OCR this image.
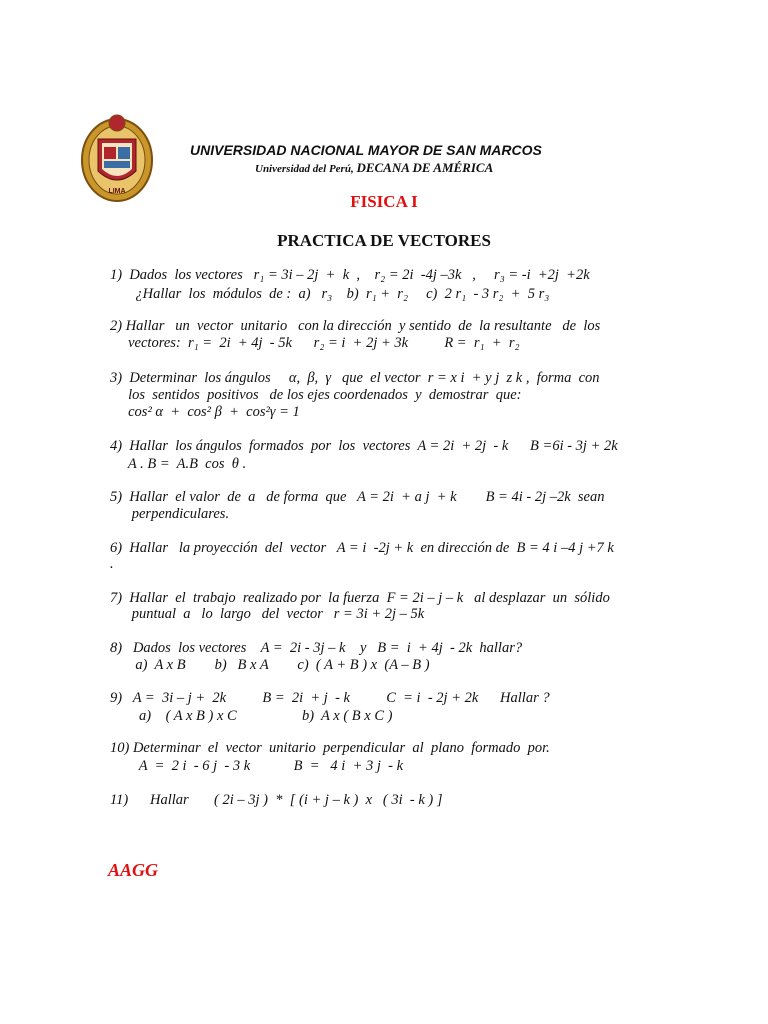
LIMA
UNIVERSIDAD NACIONAL MAYOR DE SAN MARCOS
Universidad del Perú, DECANA DE AMÉRICA
FISICA I
PRACTICA DE VECTORES
1)  Dados  los vectores   r₁ = 3i – 2j  +  k  ,    r₂ = 2i  -4j –3k   ,     r₃ = -i  +2j  +2k
¿Hallar  los  módulos  de :  a)   r₃    b)  r₁ +  r₂     c)  2 r₁  - 3 r₂  +  5 r₃
2) Hallar   un  vector  unitario   con la dirección  y sentido  de  la resultante   de  los
vectores:  r₁ =  2i  + 4j  - 5k      r₂ = i  + 2j + 3k          R =  r₁  +  r₂
3)  Determinar  los ángulos     α,  β,  γ   que  el vector  r = x i  + y j  z k ,  forma  con
los  sentidos  positivos   de los ejes coordenados  y  demostrar  que:
cos² α  +  cos² β  +  cos²γ = 1
4)  Hallar  los ángulos  formados  por  los  vectores  A = 2i  + 2j  - k      B =6i - 3j + 2k
A . B =  A.B  cos  θ .
5)  Hallar  el valor  de  a   de forma  que   A = 2i  + a j  + k        B = 4i - 2j –2k  sean
perpendiculares.
6)  Hallar   la proyección  del  vector   A = i  -2j + k  en dirección de  B = 4 i –4 j +7 k
.
7)  Hallar  el  trabajo  realizado por  la fuerza  F = 2i – j – k   al desplazar  un  sólido
puntual  a   lo  largo   del  vector   r = 3i + 2j – 5k
8)   Dados  los vectores    A =  2i - 3j – k    y   B =  i  + 4j  - 2k  hallar?
a)  A x B        b)   B x A        c)  ( A + B ) x  (A – B )
9)   A =  3i – j +  2k          B =  2i  + j  - k          C  = i  - 2j + 2k      Hallar ?
a)    ( A x B ) x C                  b)  A x ( B x C )
10) Determinar  el  vector  unitario  perpendicular  al  plano  formado  por.
A  =  2 i  - 6 j  - 3 k            B  =   4 i  + 3 j  - k
11)      Hallar       ( 2i – 3j )  *  [ (i + j – k )  x   ( 3i  - k ) ]
AAGG
